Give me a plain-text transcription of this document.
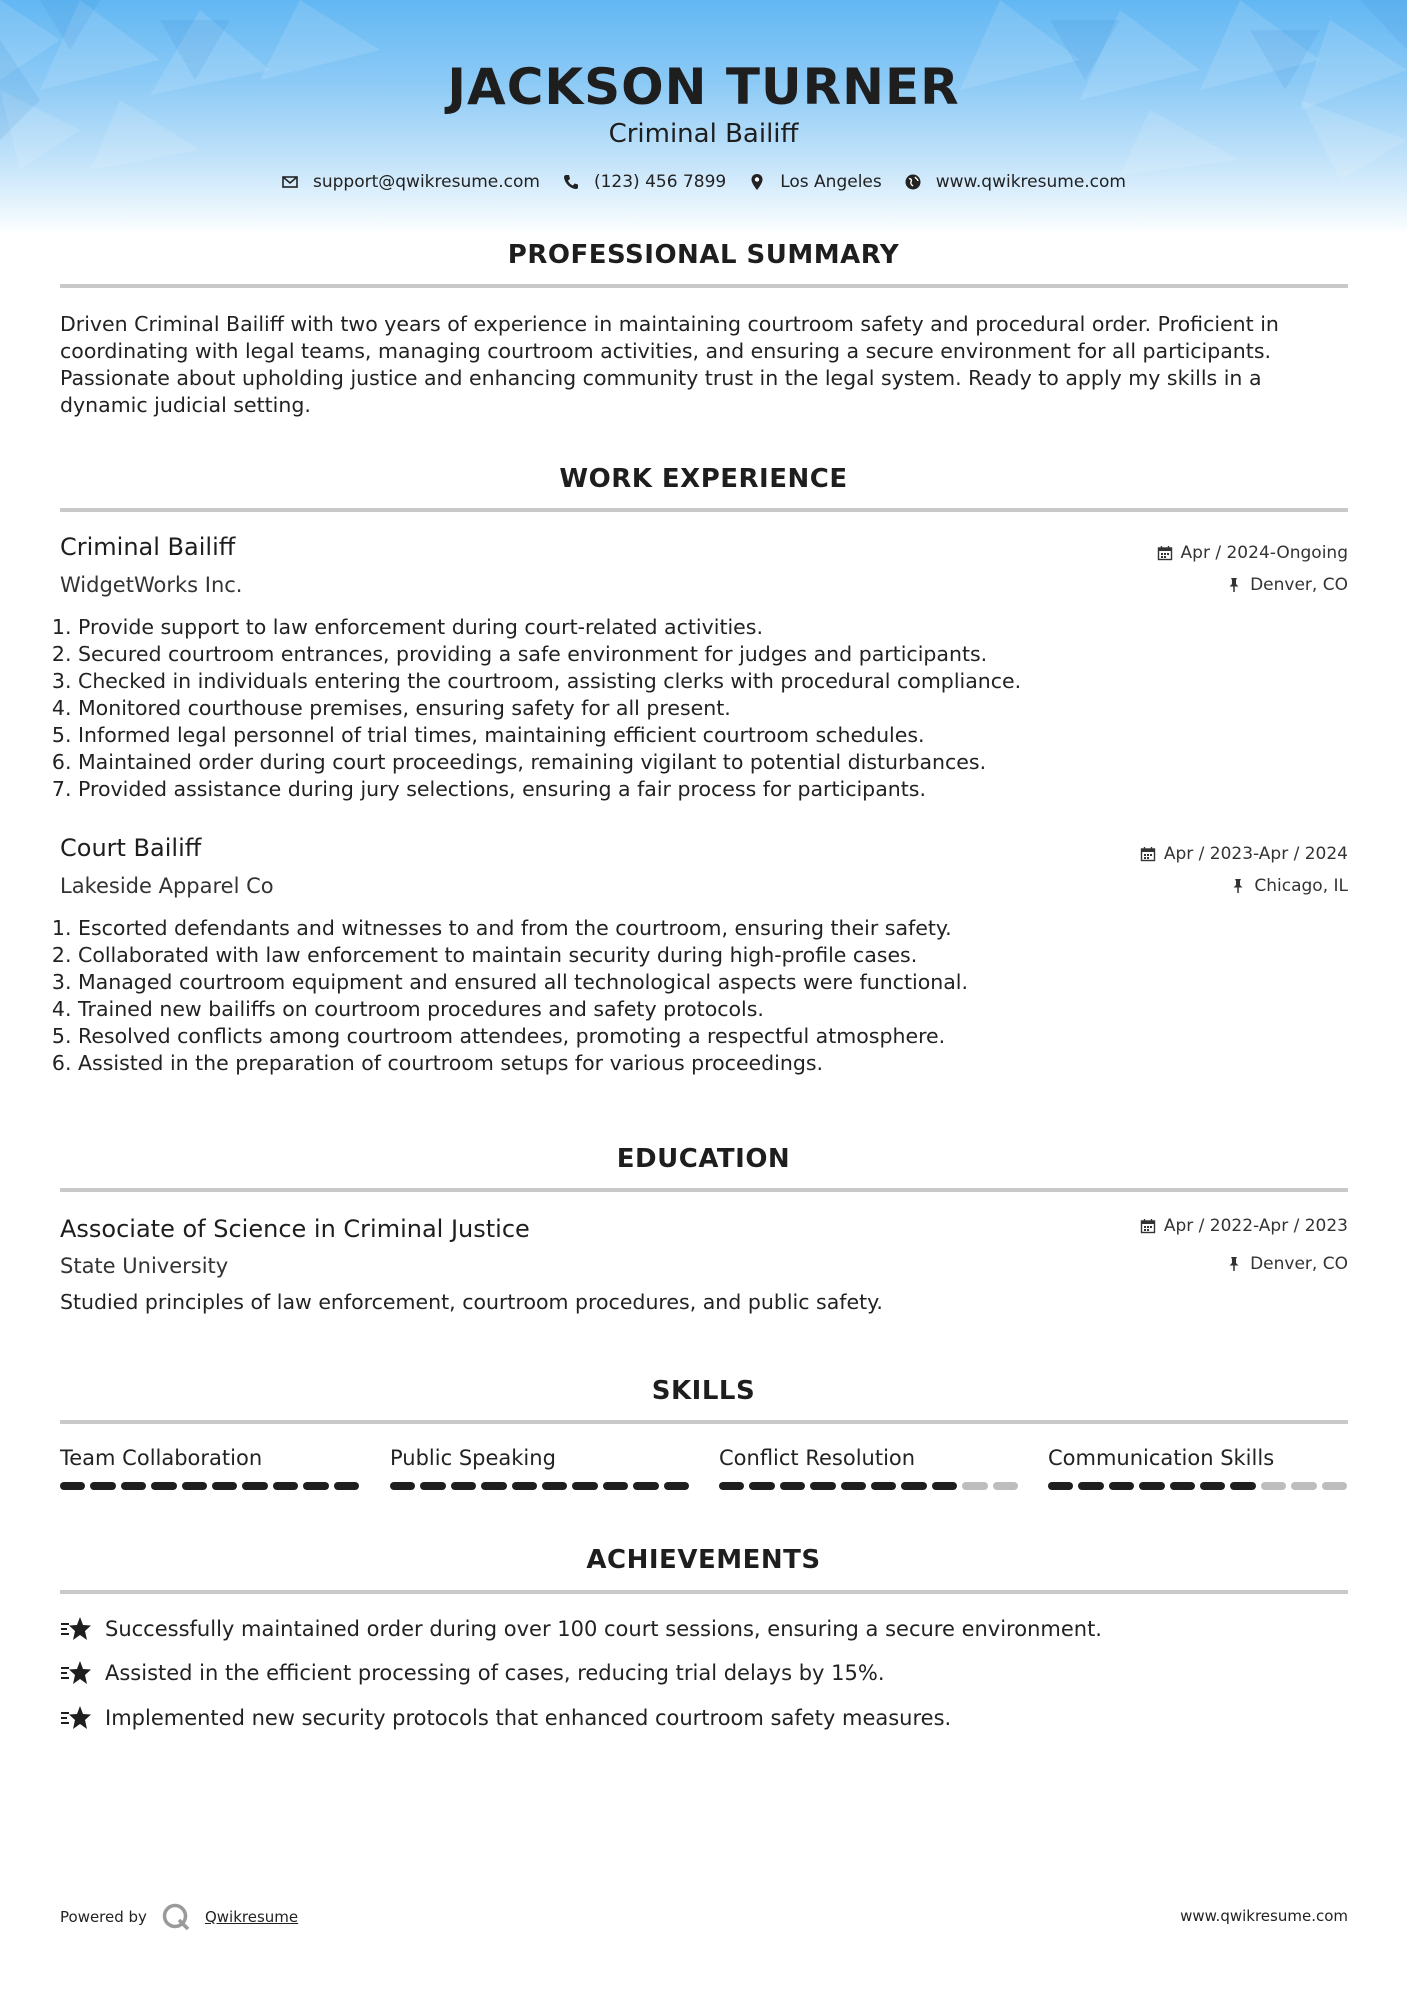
JACKSON TURNER
Criminal Bailiff
support@qwikresume.com	(123) 456 7899	Los Angeles	www.qwikresume.com
PROFESSIONAL SUMMARY
Driven Criminal Bailiff with two years of experience in maintaining courtroom safety and procedural order. Proficient in
coordinating with legal teams, managing courtroom activities, and ensuring a secure environment for all participants.
Passionate about upholding justice and enhancing community trust in the legal system. Ready to apply my skills in a
dynamic judicial setting.
WORK EXPERIENCE
Criminal Bailiff
WidgetWorks Inc.
Apr / 2024-Ongoing
Denver, CO
1. Provide support to law enforcement during court-related activities.
2. Secured courtroom entrances, providing a safe environment for judges and participants.
3. Checked in individuals entering the courtroom, assisting clerks with procedural compliance.
4. Monitored courthouse premises, ensuring safety for all present.
5. Informed legal personnel of trial times, maintaining efficient courtroom schedules.
6. Maintained order during court proceedings, remaining vigilant to potential disturbances.
7. Provided assistance during jury selections, ensuring a fair process for participants.
Court Bailiff
Lakeside Apparel Co
Apr / 2023-Apr / 2024
Chicago, IL
1. Escorted defendants and witnesses to and from the courtroom, ensuring their safety.
2. Collaborated with law enforcement to maintain security during high-profile cases.
3. Managed courtroom equipment and ensured all technological aspects were functional.
4. Trained new bailiffs on courtroom procedures and safety protocols.
5. Resolved conflicts among courtroom attendees, promoting a respectful atmosphere.
6. Assisted in the preparation of courtroom setups for various proceedings.
EDUCATION
Associate of Science in Criminal Justice
State University
Apr / 2022-Apr / 2023
Denver, CO
Studied principles of law enforcement, courtroom procedures, and public safety.
SKILLS
Team Collaboration	Public Speaking	Conflict Resolution	Communication Skills
ACHIEVEMENTS
Successfully maintained order during over 100 court sessions, ensuring a secure environment.
Assisted in the efficient processing of cases, reducing trial delays by 15%.
Implemented new security protocols that enhanced courtroom safety measures.
Powered by	Qwikresume	www.qwikresume.com
